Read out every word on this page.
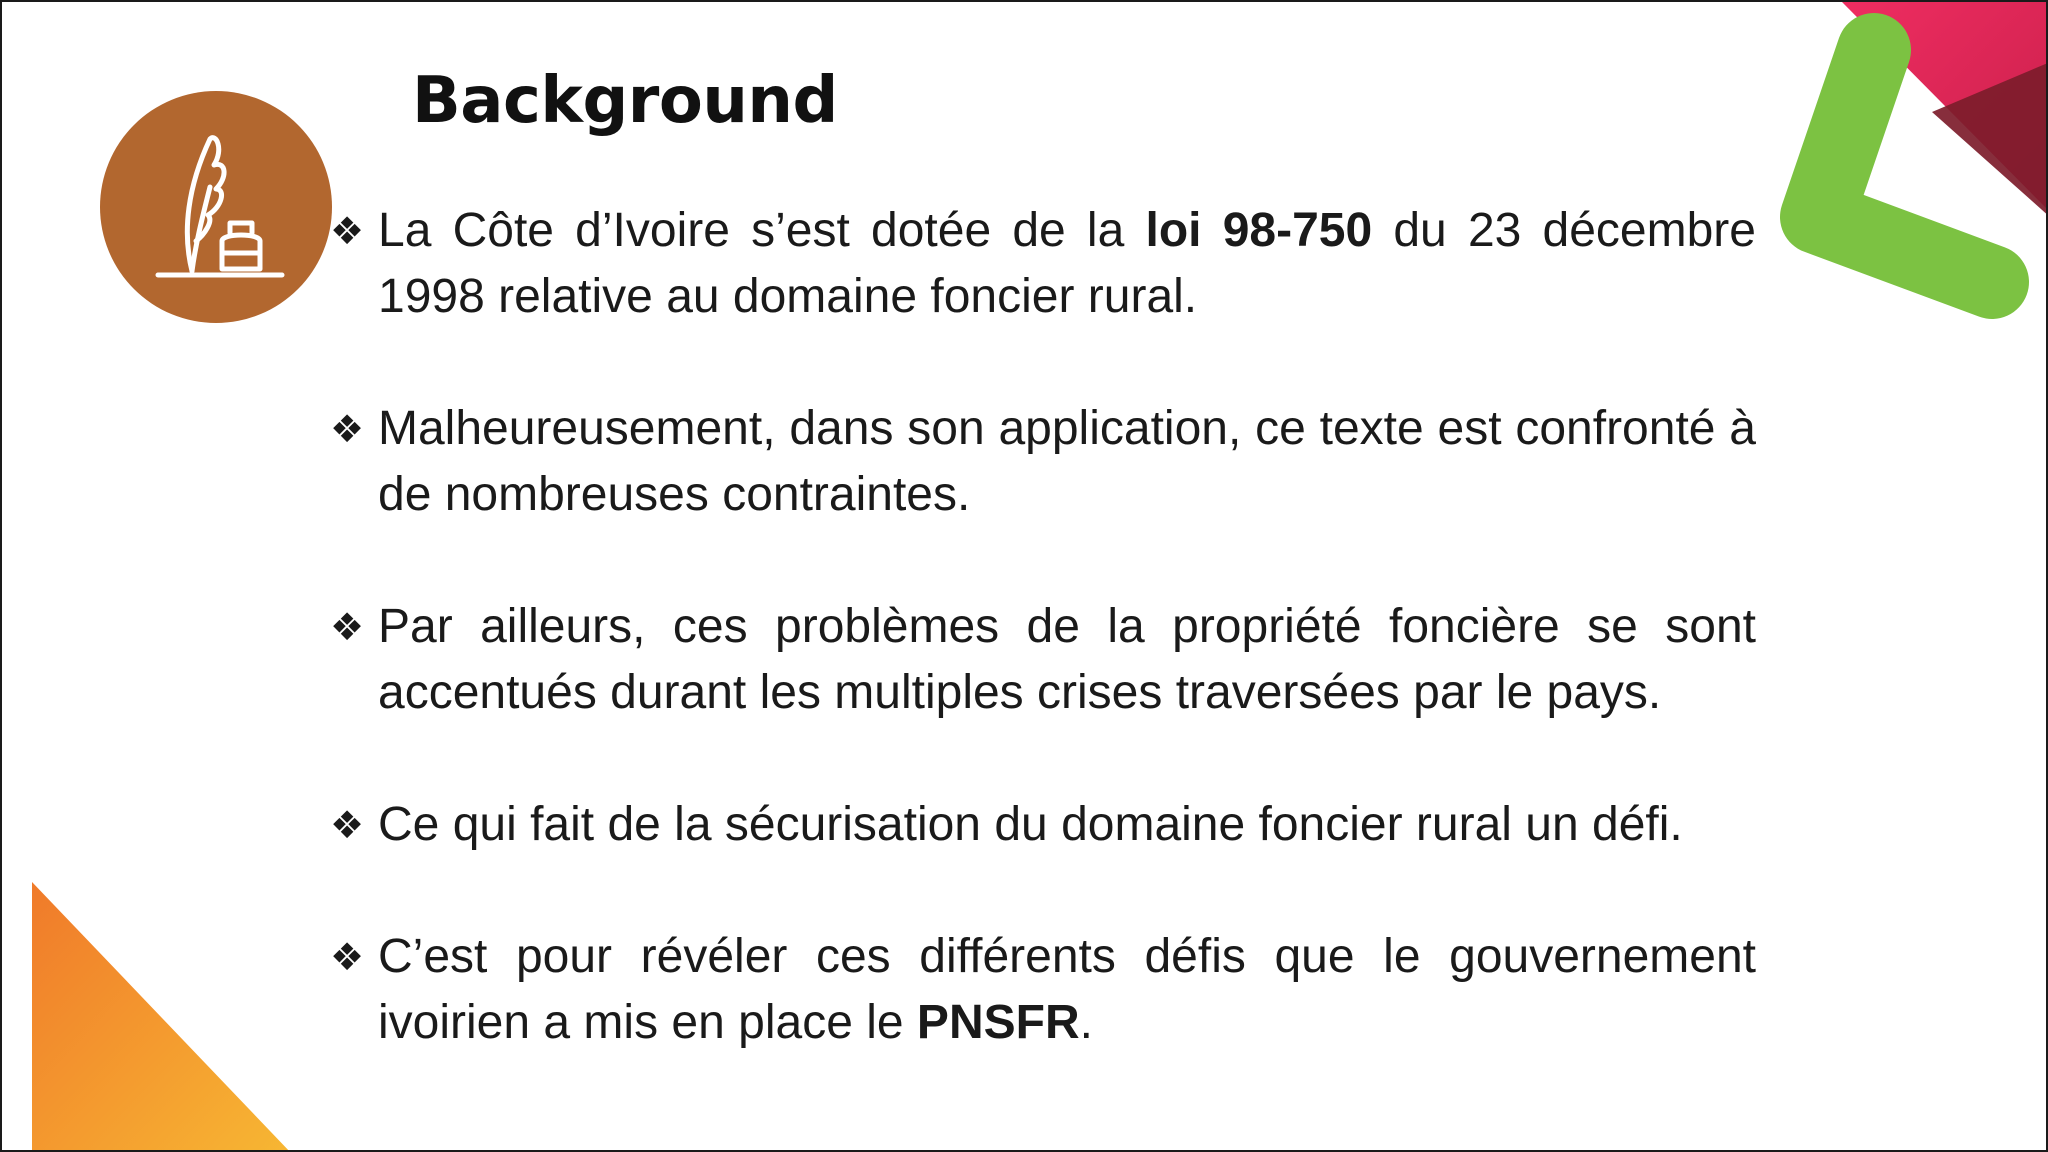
Background
❖ La Côte d’Ivoire s’est dotée de la loi 98-750 du 23 décembre 1998 relative au domaine foncier rural.
❖ Malheureusement, dans son application, ce texte est confronté à de nombreuses contraintes.
❖ Par ailleurs, ces problèmes de la propriété foncière se sont accentués durant les multiples crises traversées par le pays.
❖ Ce qui fait de la sécurisation du domaine foncier rural un défi.
❖ C’est pour révéler ces différents défis que le gouvernement ivoirien a mis en place le PNSFR.
